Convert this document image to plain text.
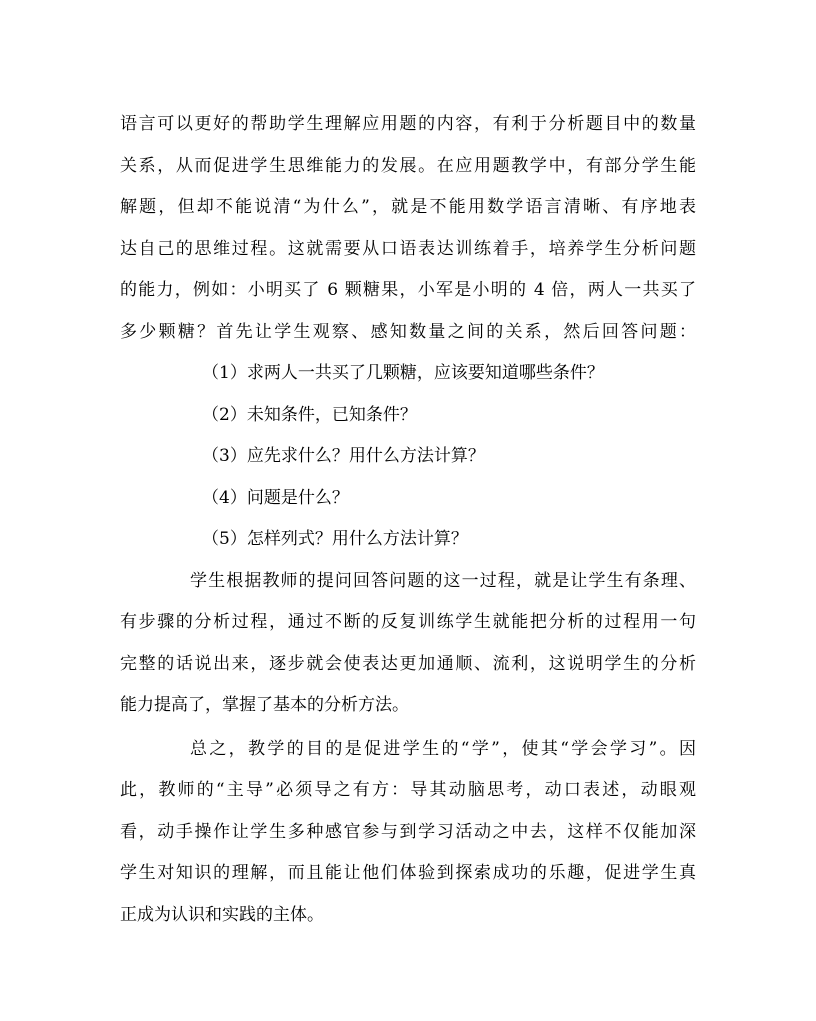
语言可以更好的帮助学生理解应用题的内容，有利于分析题目中的数量
关系，从而促进学生思维能力的发展。在应用题教学中，有部分学生能
解题，但却不能说清“为什么”，就是不能用数学语言清晰、有序地表
达自己的思维过程。这就需要从口语表达训练着手，培养学生分析问题
的能力，例如：小明买了 6 颗糖果，小军是小明的 4 倍，两人一共买了
多少颗糖？首先让学生观察、感知数量之间的关系，然后回答问题：
（1）求两人一共买了几颗糖，应该要知道哪些条件？
（2）未知条件，已知条件？
（3）应先求什么？用什么方法计算？
（4）问题是什么？
（5）怎样列式？用什么方法计算？
学生根据教师的提问回答问题的这一过程，就是让学生有条理、
有步骤的分析过程，通过不断的反复训练学生就能把分析的过程用一句
完整的话说出来，逐步就会使表达更加通顺、流利，这说明学生的分析
能力提高了，掌握了基本的分析方法。
总之，教学的目的是促进学生的“学”，使其“学会学习”。因
此，教师的“主导”必须导之有方：导其动脑思考，动口表述，动眼观
看，动手操作让学生多种感官参与到学习活动之中去，这样不仅能加深
学生对知识的理解，而且能让他们体验到探索成功的乐趣，促进学生真
正成为认识和实践的主体。
